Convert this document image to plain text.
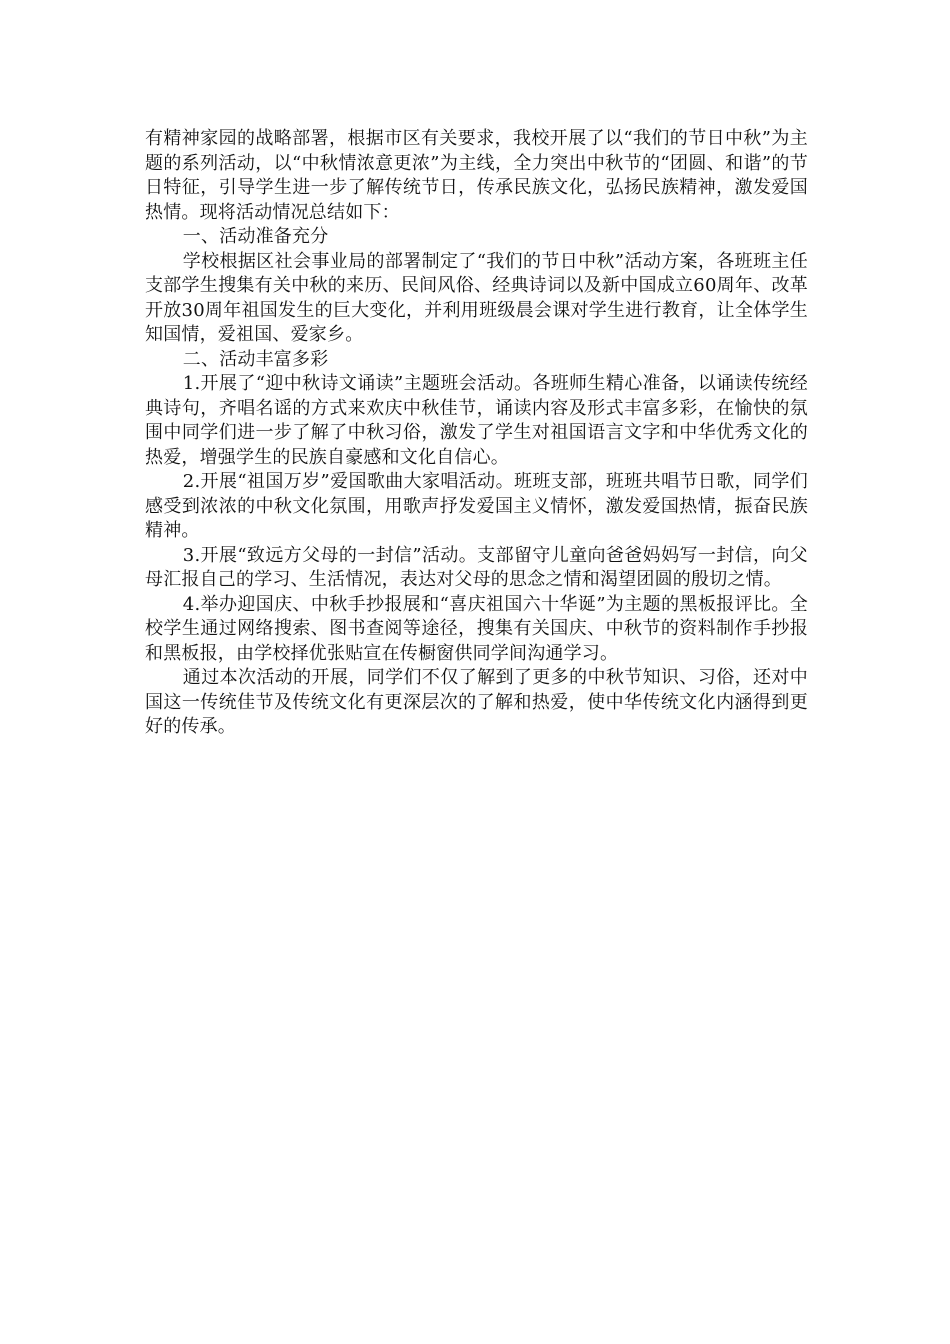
有精神家园的战略部署，根据市区有关要求，我校开展了以“我们的节日中秋”为主题的系列活动，以“中秋情浓意更浓”为主线，全力突出中秋节的“团圆、和谐”的节日特征，引导学生进一步了解传统节日，传承民族文化，弘扬民族精神，激发爱国热情。现将活动情况总结如下：

一、活动准备充分

学校根据区社会事业局的部署制定了“我们的节日中秋”活动方案，各班班主任支部学生搜集有关中秋的来历、民间风俗、经典诗词以及新中国成立60周年、改革开放30周年祖国发生的巨大变化，并利用班级晨会课对学生进行教育，让全体学生知国情，爱祖国、爱家乡。

二、活动丰富多彩

1.开展了“迎中秋诗文诵读”主题班会活动。各班师生精心准备，以诵读传统经典诗句，齐唱名谣的方式来欢庆中秋佳节，诵读内容及形式丰富多彩，在愉快的氛围中同学们进一步了解了中秋习俗，激发了学生对祖国语言文字和中华优秀文化的热爱，增强学生的民族自豪感和文化自信心。

2.开展“祖国万岁”爱国歌曲大家唱活动。班班支部，班班共唱节日歌，同学们感受到浓浓的中秋文化氛围，用歌声抒发爱国主义情怀，激发爱国热情，振奋民族精神。

3.开展“致远方父母的一封信”活动。支部留守儿童向爸爸妈妈写一封信，向父母汇报自己的学习、生活情况，表达对父母的思念之情和渴望团圆的殷切之情。

4.举办迎国庆、中秋手抄报展和“喜庆祖国六十华诞”为主题的黑板报评比。全校学生通过网络搜索、图书查阅等途径，搜集有关国庆、中秋节的资料制作手抄报和黑板报，由学校择优张贴宣在传橱窗供同学间沟通学习。

通过本次活动的开展，同学们不仅了解到了更多的中秋节知识、习俗，还对中国这一传统佳节及传统文化有更深层次的了解和热爱，使中华传统文化内涵得到更好的传承。
